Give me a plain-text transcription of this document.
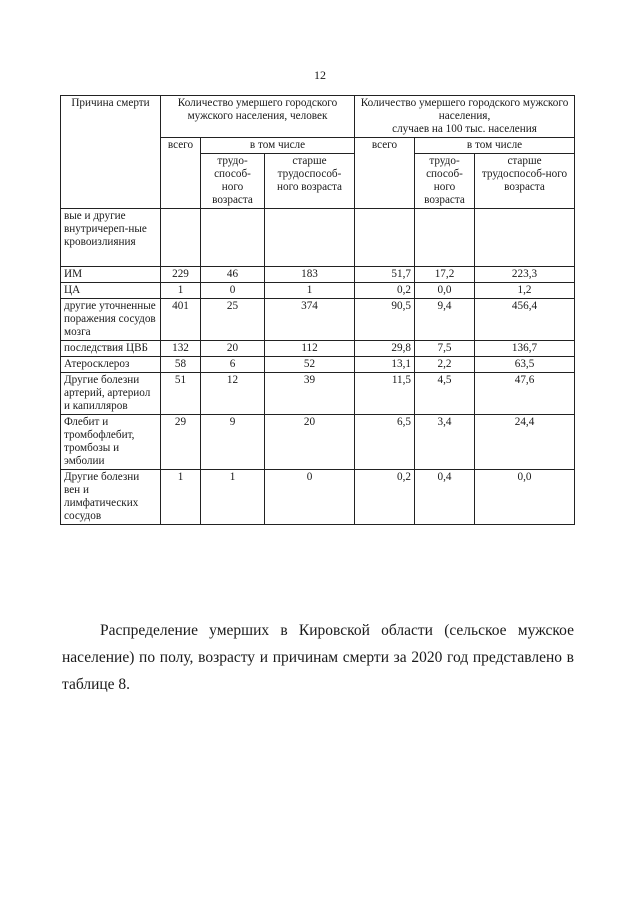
12
Причина смерти	Количество умершего городского мужского населения, человек			Количество умершего городского мужского населения,
случаев на 100 тыс. населения		
	всего	в том числе		всего	в том числе	
		трудо-способ-ного возраста	старше трудоспособ-ного возраста		трудо-способ-ного возраста	старше трудоспособ-ного возраста
вые и другие внутричереп-ные кровоизлияния						
ИМ	229	46	183	51,7	17,2	223,3
ЦА	1	0	1	0,2	0,0	1,2
другие уточненные поражения сосудов мозга	401	25	374	90,5	9,4	456,4
последствия ЦВБ	132	20	112	29,8	7,5	136,7
Атеросклероз	58	6	52	13,1	2,2	63,5
Другие болезни артерий, артериол и капилляров	51	12	39	11,5	4,5	47,6
Флебит и тромбофлебит, тромбозы и эмболии	29	9	20	6,5	3,4	24,4
Другие болезни вен и лимфатических сосудов	1	1	0	0,2	0,4	0,0
Распределение умерших в Кировской области (сельское мужское население) по полу, возрасту и причинам смерти за 2020 год представлено в таблице 8.
